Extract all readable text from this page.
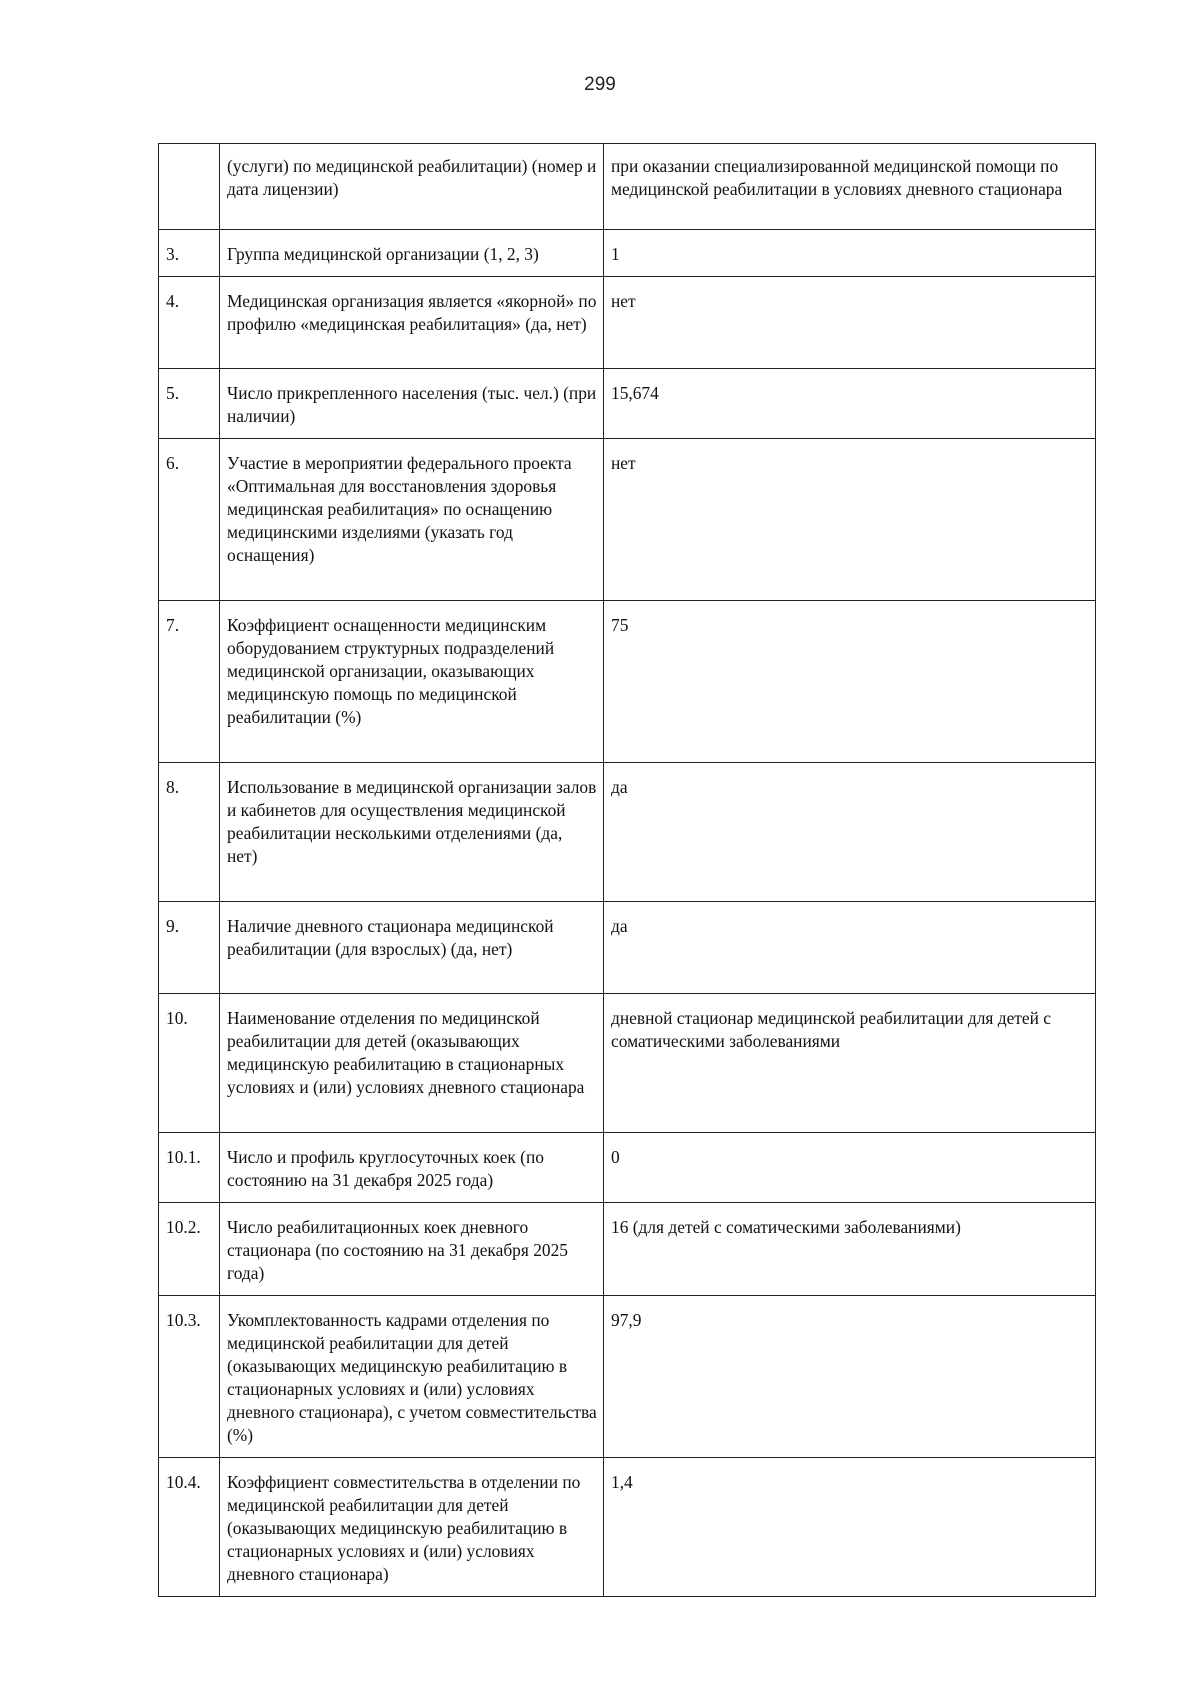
299
	(услуги) по медицинской реабилитации) (номер и дата лицензии)	при оказании специализированной медицинской помощи по медицинской реабилитации в условиях дневного стационара
3.	Группа медицинской организации (1, 2, 3)	1
4.	Медицинская организация является «якорной» по профилю «медицинская реабилитация» (да, нет)	нет
5.	Число прикрепленного населения (тыс. чел.) (при наличии)	15,674
6.	Участие в мероприятии федерального проекта «Оптимальная для восстановления здоровья медицинская реабилитация» по оснащению медицинскими изделиями (указать год оснащения)	нет
7.	Коэффициент оснащенности медицинским оборудованием структурных подразделений медицинской организации, оказывающих медицинскую помощь по медицинской реабилитации (%)	75
8.	Использование в медицинской организации залов и кабинетов для осуществления медицинской реабилитации несколькими отделениями (да, нет)	да
9.	Наличие дневного стационара медицинской реабилитации (для взрослых) (да, нет)	да
10.	Наименование отделения по медицинской реабилитации для детей (оказывающих медицинскую реабилитацию в стационарных условиях и (или) условиях дневного стационара	дневной стационар медицинской реабилитации для детей с соматическими заболеваниями
10.1.	Число и профиль круглосуточных коек (по состоянию на 31 декабря 2025 года)	0
10.2.	Число реабилитационных коек дневного стационара (по состоянию на 31 декабря 2025 года)	16 (для детей с соматическими заболеваниями)
10.3.	Укомплектованность кадрами отделения по медицинской реабилитации для детей (оказывающих медицинскую реабилитацию в стационарных условиях и (или) условиях дневного стационара), с учетом совместительства (%)	97,9
10.4.	Коэффициент совместительства в отделении по медицинской реабилитации для детей (оказывающих медицинскую реабилитацию в стационарных условиях и (или) условиях дневного стационара)	1,4
